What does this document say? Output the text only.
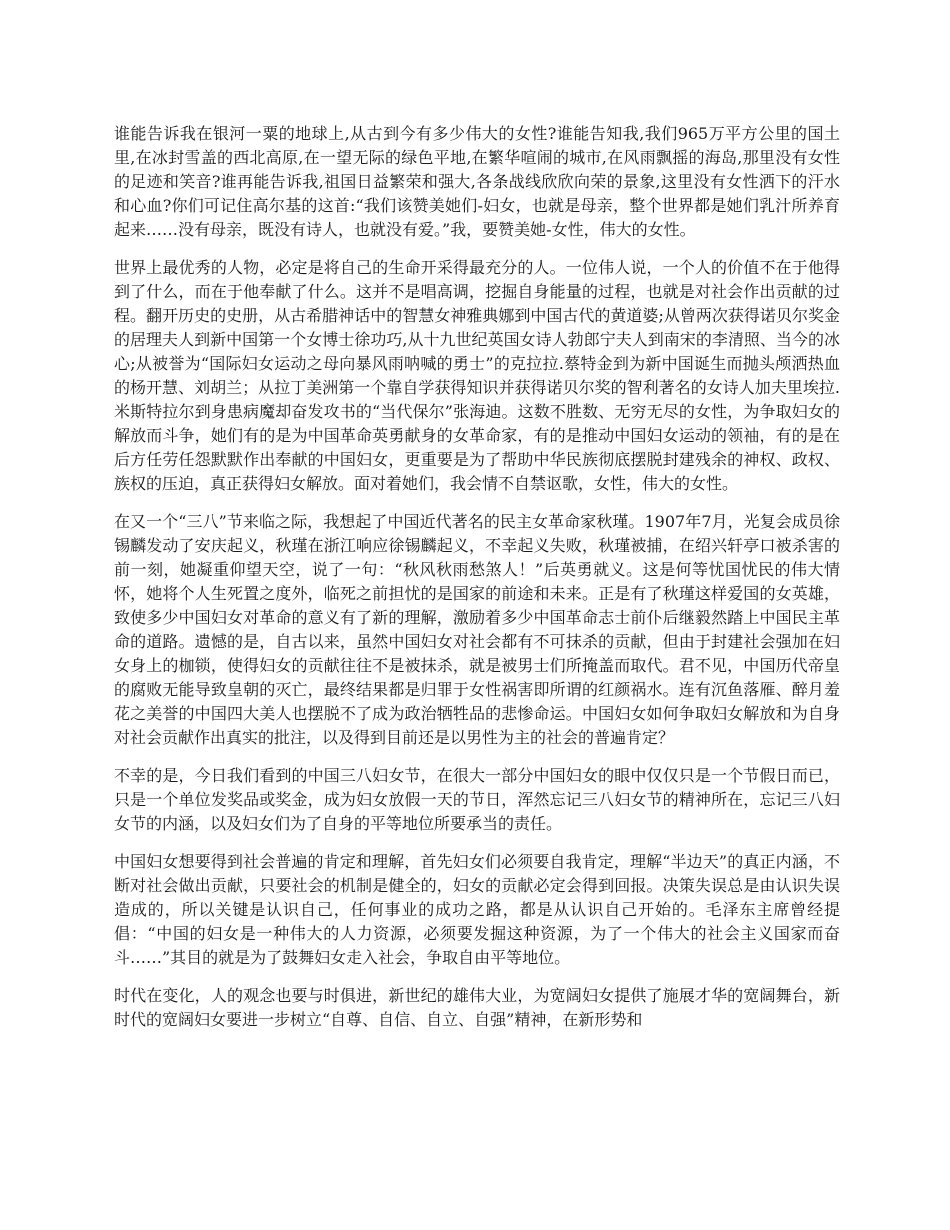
谁能告诉我在银河一粟的地球上,从古到今有多少伟大的女性?谁能告知我,我们965万平方公里的国土里,在冰封雪盖的西北高原,在一望无际的绿色平地,在繁华喧闹的城市,在风雨飘摇的海岛,那里没有女性的足迹和笑音?谁再能告诉我,祖国日益繁荣和强大,各条战线欣欣向荣的景象,这里没有女性洒下的汗水和心血?你们可记住高尔基的这首:“我们该赞美她们-妇女，也就是母亲，整个世界都是她们乳汁所养育起来……没有母亲，既没有诗人，也就没有爱。”我，要赞美她-女性，伟大的女性。

世界上最优秀的人物，必定是将自己的生命开采得最充分的人。一位伟人说，一个人的价值不在于他得到了什么，而在于他奉献了什么。这并不是唱高调，挖掘自身能量的过程，也就是对社会作出贡献的过程。翻开历史的史册，从古希腊神话中的智慧女神雅典娜到中国古代的黄道婆;从曾两次获得诺贝尔奖金的居理夫人到新中国第一个女博士徐功巧,从十九世纪英国女诗人勃郎宁夫人到南宋的李清照、当今的冰心;从被誉为“国际妇女运动之母向暴风雨呐喊的勇士”的克拉拉.蔡特金到为新中国诞生而抛头颅洒热血的杨开慧、刘胡兰；从拉丁美洲第一个靠自学获得知识并获得诺贝尔奖的智利著名的女诗人加夫里埃拉.米斯特拉尔到身患病魔却奋发攻书的“当代保尔”张海迪。这数不胜数、无穷无尽的女性，为争取妇女的解放而斗争，她们有的是为中国革命英勇献身的女革命家，有的是推动中国妇女运动的领袖，有的是在后方任劳任怨默默作出奉献的中国妇女，更重要是为了帮助中华民族彻底摆脱封建残余的神权、政权、族权的压迫，真正获得妇女解放。面对着她们，我会情不自禁讴歌，女性，伟大的女性。

在又一个“三八”节来临之际，我想起了中国近代著名的民主女革命家秋瑾。1907年7月，光复会成员徐锡麟发动了安庆起义，秋瑾在浙江响应徐锡麟起义，不幸起义失败，秋瑾被捕，在绍兴轩亭口被杀害的前一刻，她凝重仰望天空，说了一句：“秋风秋雨愁煞人！”后英勇就义。这是何等忧国忧民的伟大情怀，她将个人生死置之度外，临死之前担忧的是国家的前途和未来。正是有了秋瑾这样爱国的女英雄，致使多少中国妇女对革命的意义有了新的理解，激励着多少中国革命志士前仆后继毅然踏上中国民主革命的道路。遗憾的是，自古以来，虽然中国妇女对社会都有不可抹杀的贡献，但由于封建社会强加在妇女身上的枷锁，使得妇女的贡献往往不是被抹杀，就是被男士们所掩盖而取代。君不见，中国历代帝皇的腐败无能导致皇朝的灭亡，最终结果都是归罪于女性祸害即所谓的红颜祸水。连有沉鱼落雁、醉月羞花之美誉的中国四大美人也摆脱不了成为政治牺牲品的悲惨命运。中国妇女如何争取妇女解放和为自身对社会贡献作出真实的批注，以及得到目前还是以男性为主的社会的普遍肯定？

不幸的是，今日我们看到的中国三八妇女节，在很大一部分中国妇女的眼中仅仅只是一个节假日而已，只是一个单位发奖品或奖金，成为妇女放假一天的节日，浑然忘记三八妇女节的精神所在，忘记三八妇女节的内涵，以及妇女们为了自身的平等地位所要承当的责任。

中国妇女想要得到社会普遍的肯定和理解，首先妇女们必须要自我肯定，理解“半边天”的真正内涵，不断对社会做出贡献，只要社会的机制是健全的，妇女的贡献必定会得到回报。决策失误总是由认识失误造成的，所以关键是认识自己，任何事业的成功之路，都是从认识自己开始的。毛泽东主席曾经提倡：“中国的妇女是一种伟大的人力资源，必须要发掘这种资源，为了一个伟大的社会主义国家而奋斗……”其目的就是为了鼓舞妇女走入社会，争取自由平等地位。

时代在变化，人的观念也要与时俱进，新世纪的雄伟大业，为宽阔妇女提供了施展才华的宽阔舞台，新时代的宽阔妇女要进一步树立“自尊、自信、自立、自强”精神，在新形势和
